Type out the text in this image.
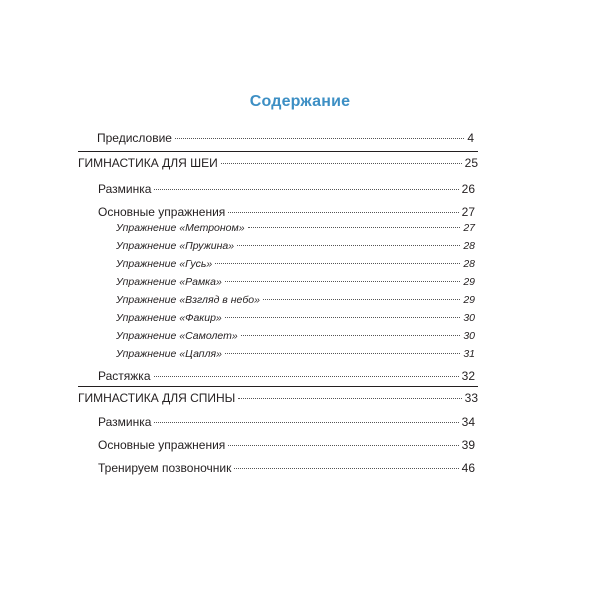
Содержание
Предисловие	4
ГИМНАСТИКА ДЛЯ ШЕИ	25
Разминка	26
Основные упражнения	27
Упражнение «Метроном»	27
Упражнение «Пружина»	28
Упражнение «Гусь»	28
Упражнение «Рамка»	29
Упражнение «Взгляд в небо»	29
Упражнение «Факир»	30
Упражнение «Самолет»	30
Упражнение «Цапля»	31
Растяжка	32
ГИМНАСТИКА ДЛЯ СПИНЫ	33
Разминка	34
Основные упражнения	39
Тренируем позвоночник	46
